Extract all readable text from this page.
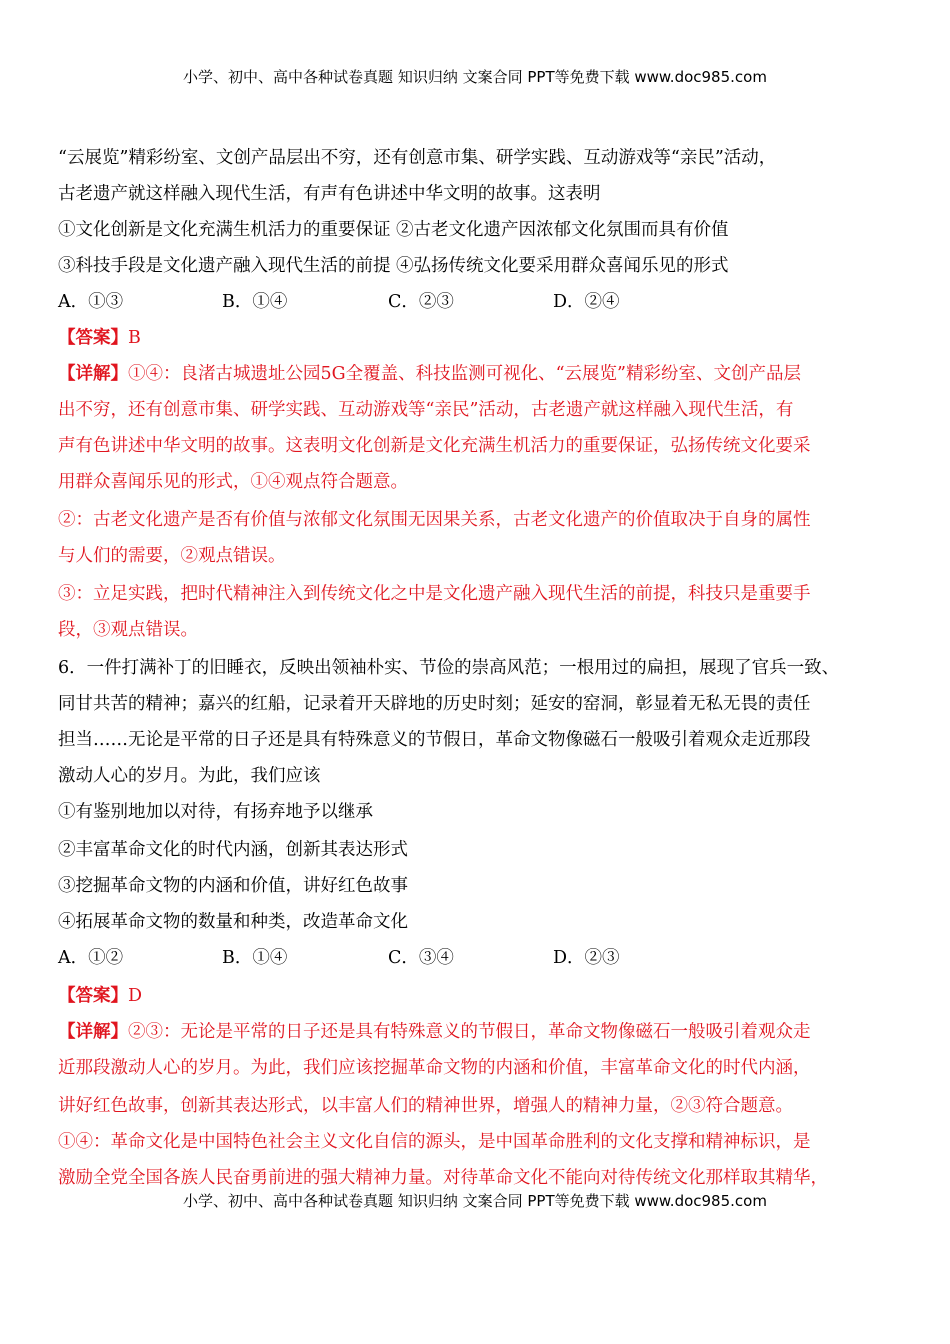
小学、初中、高中各种试卷真题 知识归纳 文案合同 PPT等免费下载 www.doc985.com
“云展览”精彩纷室、文创产品层出不穷，还有创意市集、研学实践、互动游戏等“亲民”活动，
古老遗产就这样融入现代生活，有声有色讲述中华文明的故事。这表明
①文化创新是文化充满生机活力的重要保证 ②古老文化遗产因浓郁文化氛围而具有价值
③科技手段是文化遗产融入现代生活的前提 ④弘扬传统文化要采用群众喜闻乐见的形式
A．①③	B．①④	C．②③	D．②④
【答案】B
【详解】①④：良渚古城遗址公园5G全覆盖、科技监测可视化、“云展览”精彩纷室、文创产品层
出不穷，还有创意市集、研学实践、互动游戏等“亲民”活动，古老遗产就这样融入现代生活，有
声有色讲述中华文明的故事。这表明文化创新是文化充满生机活力的重要保证，弘扬传统文化要采
用群众喜闻乐见的形式，①④观点符合题意。
②：古老文化遗产是否有价值与浓郁文化氛围无因果关系，古老文化遗产的价值取决于自身的属性
与人们的需要，②观点错误。
③：立足实践，把时代精神注入到传统文化之中是文化遗产融入现代生活的前提，科技只是重要手
段，③观点错误。
6．一件打满补丁的旧睡衣，反映出领袖朴实、节俭的崇高风范；一根用过的扁担，展现了官兵一致、
同甘共苦的精神；嘉兴的红船，记录着开天辟地的历史时刻；延安的窑洞，彰显着无私无畏的责任
担当……无论是平常的日子还是具有特殊意义的节假日，革命文物像磁石一般吸引着观众走近那段
激动人心的岁月。为此，我们应该
①有鉴别地加以对待，有扬弃地予以继承
②丰富革命文化的时代内涵，创新其表达形式
③挖掘革命文物的内涵和价值，讲好红色故事
④拓展革命文物的数量和种类，改造革命文化
A．①②	B．①④	C．③④	D．②③
【答案】D
【详解】②③：无论是平常的日子还是具有特殊意义的节假日，革命文物像磁石一般吸引着观众走
近那段激动人心的岁月。为此，我们应该挖掘革命文物的内涵和价值，丰富革命文化的时代内涵，
讲好红色故事，创新其表达形式，以丰富人们的精神世界，增强人的精神力量，②③符合题意。
①④：革命文化是中国特色社会主义文化自信的源头，是中国革命胜利的文化支撑和精神标识，是
激励全党全国各族人民奋勇前进的强大精神力量。对待革命文化不能向对待传统文化那样取其精华，
小学、初中、高中各种试卷真题 知识归纳 文案合同 PPT等免费下载 www.doc985.com
